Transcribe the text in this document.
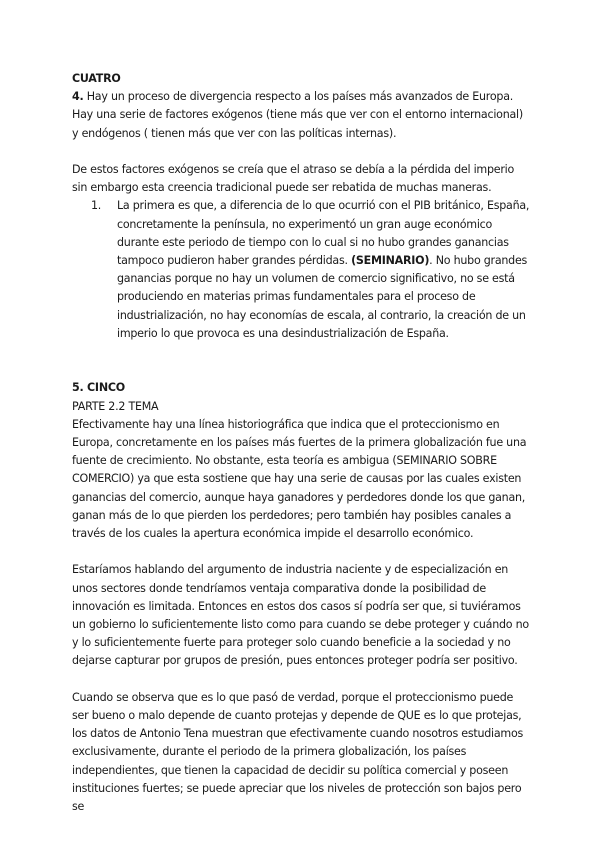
CUATRO

4. Hay un proceso de divergencia respecto a los países más avanzados de Europa.

Hay una serie de factores exógenos (tiene más que ver con el entorno internacional) y endógenos ( tienen más que ver con las políticas internas).

De estos factores exógenos se creía que el atraso se debía a la pérdida del imperio sin embargo esta creencia tradicional puede ser rebatida de muchas maneras.

1.	La primera es que, a diferencia de lo que ocurrió con el PIB británico, España, concretamente la península, no experimentó un gran auge económico durante este periodo de tiempo con lo cual si no hubo grandes ganancias tampoco pudieron haber grandes pérdidas. (SEMINARIO). No hubo grandes ganancias porque no hay un volumen de comercio significativo, no se está produciendo en materias primas fundamentales para el proceso de industrialización, no hay economías de escala, al contrario, la creación de un imperio lo que provoca es una desindustrialización de España.

5. CINCO

PARTE 2.2 TEMA

Efectivamente hay una línea historiográfica que indica que el proteccionismo en Europa, concretamente en los países más fuertes de la primera globalización fue una fuente de crecimiento. No obstante, esta teoría es ambigua (SEMINARIO SOBRE COMERCIO) ya que esta sostiene que hay una serie de causas por las cuales existen ganancias del comercio, aunque haya ganadores y perdedores donde los que ganan, ganan más de lo que pierden los perdedores; pero también hay posibles canales a través de los cuales la apertura económica impide el desarrollo económico.

Estaríamos hablando del argumento de industria naciente y de especialización en unos sectores donde tendríamos ventaja comparativa donde la posibilidad de innovación es limitada. Entonces en estos dos casos sí podría ser que, si tuviéramos un gobierno lo suficientemente listo como para cuando se debe proteger y cuándo no y lo suficientemente fuerte para proteger solo cuando beneficie a la sociedad y no dejarse capturar por grupos de presión, pues entonces proteger podría ser positivo.

Cuando se observa que es lo que pasó de verdad, porque el proteccionismo puede ser bueno o malo depende de cuanto protejas y depende de QUE es lo que protejas, los datos de Antonio Tena muestran que efectivamente cuando nosotros estudiamos exclusivamente, durante el periodo de la primera globalización, los países independientes, que tienen la capacidad de decidir su política comercial y poseen instituciones fuertes; se puede apreciar que los niveles de protección son bajos pero se
